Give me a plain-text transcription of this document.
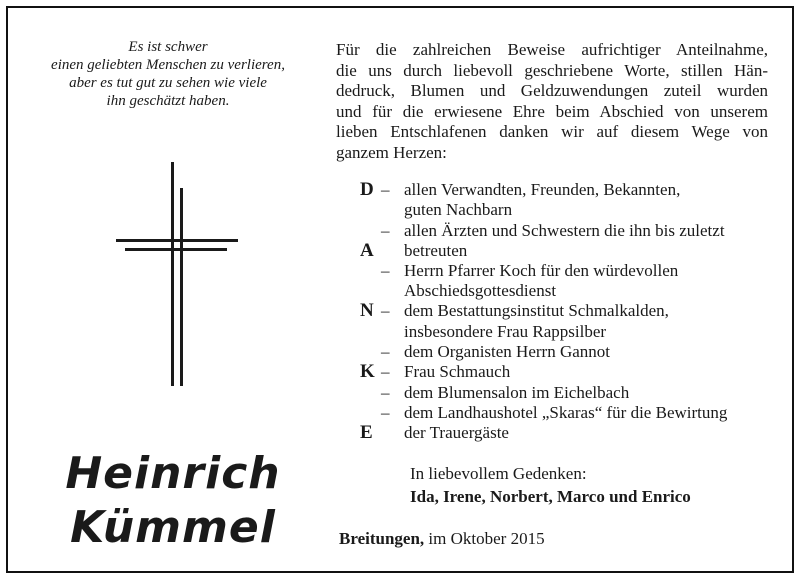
Es ist schwer
einen geliebten Menschen zu verlieren,
aber es tut gut zu sehen wie viele
ihn geschätzt haben.
Heinrich
Kümmel
Für die zahlreichen Beweise aufrichtiger Anteilnahme,
die uns durch liebevoll geschriebene Worte, stillen Hän-
dedruck, Blumen und Geldzuwendungen zuteil wurden
und für die erwiesene Ehre beim Abschied von unserem
lieben Entschlafenen danken wir auf diesem Wege von
ganzem Herzen:
D
A
N
K
E
–
–
–
–
–
–
–
–
allen Verwandten, Freunden, Bekannten,
guten Nachbarn
allen Ärzten und Schwestern die ihn bis zuletzt
betreuten
Herrn Pfarrer Koch für den würdevollen
Abschiedsgottesdienst
dem Bestattungsinstitut Schmalkalden,
insbesondere Frau Rappsilber
dem Organisten Herrn Gannot
Frau Schmauch
dem Blumensalon im Eichelbach
dem Landhaushotel „Skaras“ für die Bewirtung
der Trauergäste
In liebevollem Gedenken:
Ida, Irene, Norbert, Marco und Enrico
Breitungen, im Oktober 2015
